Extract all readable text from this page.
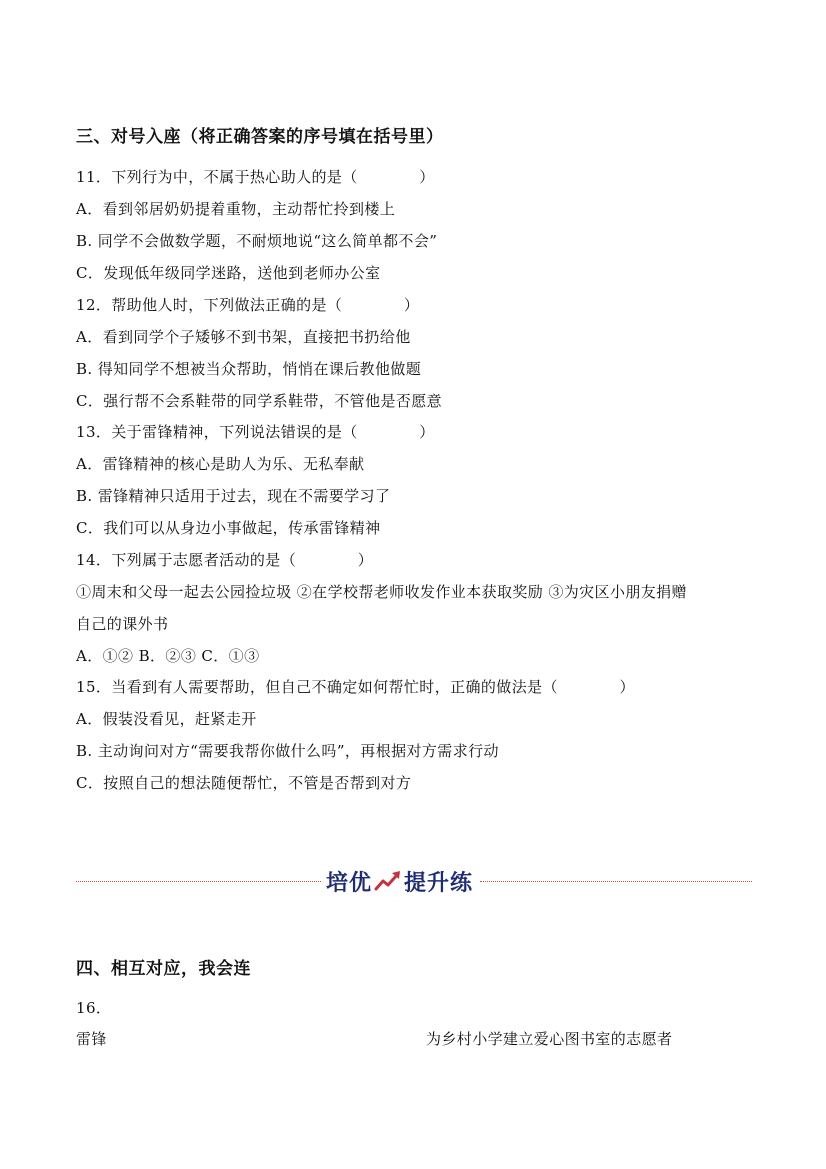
三、对号入座（将正确答案的序号填在括号里）
11．下列行为中，不属于热心助人的是（　　　　）
A．看到邻居奶奶提着重物，主动帮忙拎到楼上
B. 同学不会做数学题，不耐烦地说“这么简单都不会”
C．发现低年级同学迷路，送他到老师办公室
12．帮助他人时，下列做法正确的是（　　　　）
A．看到同学个子矮够不到书架，直接把书扔给他
B. 得知同学不想被当众帮助，悄悄在课后教他做题
C．强行帮不会系鞋带的同学系鞋带，不管他是否愿意
13．关于雷锋精神，下列说法错误的是（　　　　）
A．雷锋精神的核心是助人为乐、无私奉献
B. 雷锋精神只适用于过去，现在不需要学习了
C．我们可以从身边小事做起，传承雷锋精神
14．下列属于志愿者活动的是（　　　　）
①周末和父母一起去公园捡垃圾 ②在学校帮老师收发作业本获取奖励 ③为灾区小朋友捐赠
自己的课外书
A．①② B．②③ C．①③
15．当看到有人需要帮助，但自己不确定如何帮忙时，正确的做法是（　　　　）
A．假装没看见，赶紧走开
B. 主动询问对方“需要我帮你做什么吗”，再根据对方需求行动
C．按照自己的想法随便帮忙，不管是否帮到对方
培优 提升练
四、相互对应，我会连
16．
雷锋	为乡村小学建立爱心图书室的志愿者
